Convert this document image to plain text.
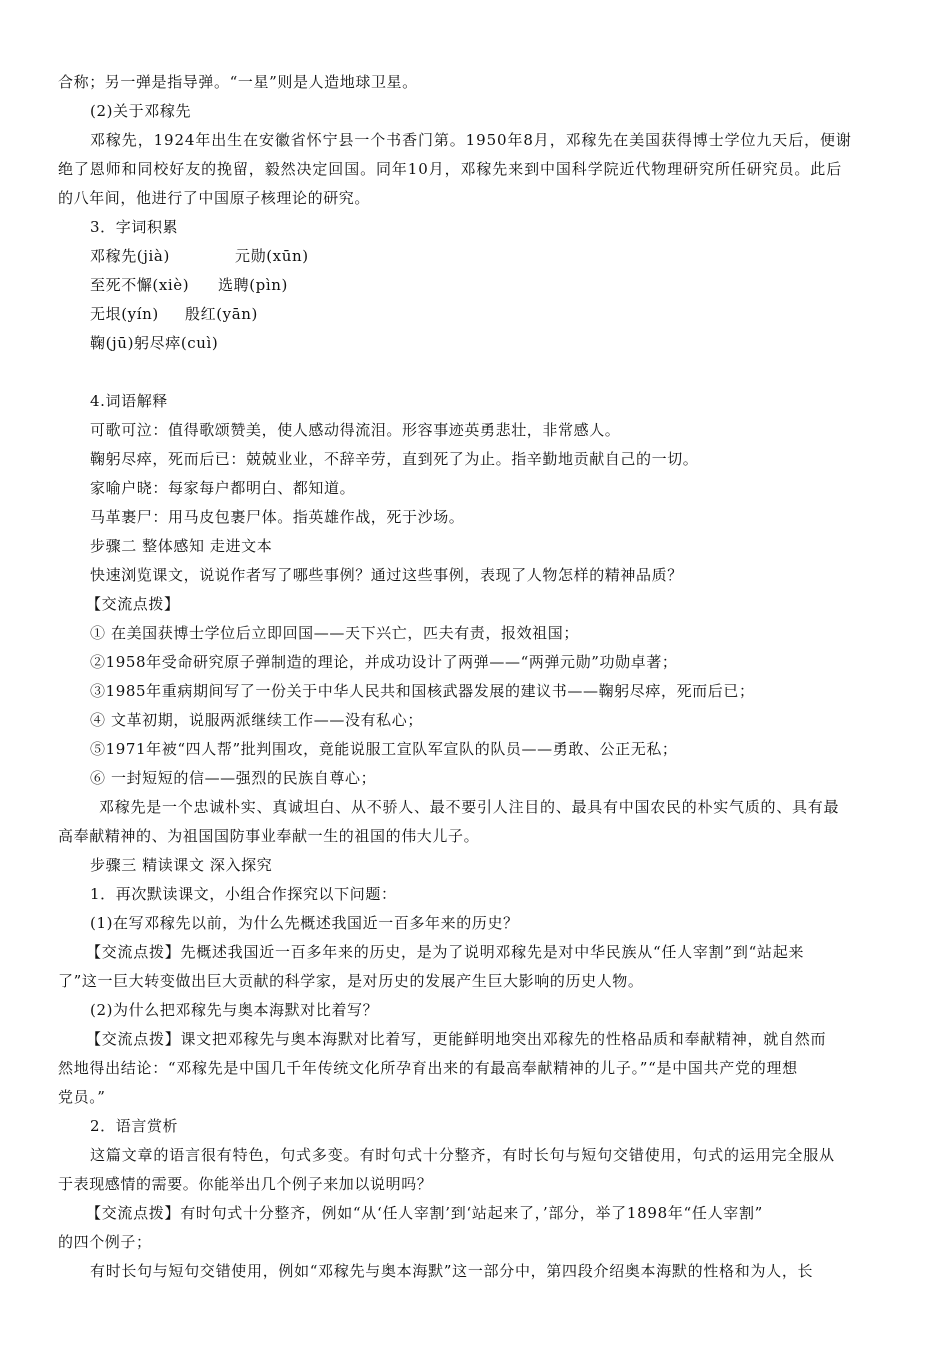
合称；另一弹是指导弹。“一星”则是人造地球卫星。
(2)关于邓稼先
邓稼先，1924年出生在安徽省怀宁县一个书香门第。1950年8月，邓稼先在美国获得博士学位九天后，便谢
绝了恩师和同校好友的挽留，毅然决定回国。同年10月，邓稼先来到中国科学院近代物理研究所任研究员。此后
的八年间，他进行了中国原子核理论的研究。
3．字词积累
邓稼先(jià)	元勋(xūn)
至死不懈(xiè) 选聘(pìn)
无垠(yín) 殷红(yān)
鞠(jū)躬尽瘁(cuì)
4.词语解释
可歌可泣：值得歌颂赞美，使人感动得流泪。形容事迹英勇悲壮，非常感人。
鞠躬尽瘁，死而后已：兢兢业业，不辞辛劳，直到死了为止。指辛勤地贡献自己的一切。
家喻户晓：每家每户都明白、都知道。
马革裹尸：用马皮包裹尸体。指英雄作战，死于沙场。
步骤二 整体感知 走进文本
快速浏览课文，说说作者写了哪些事例？通过这些事例，表现了人物怎样的精神品质？
【交流点拨】
① 在美国获博士学位后立即回国——天下兴亡，匹夫有责，报效祖国；
②1958年受命研究原子弹制造的理论，并成功设计了两弹——“两弹元勋”功勋卓著；
③1985年重病期间写了一份关于中华人民共和国核武器发展的建议书——鞠躬尽瘁，死而后已；
④ 文革初期，说服两派继续工作——没有私心；
⑤1971年被“四人帮”批判围攻，竟能说服工宣队军宣队的队员——勇敢、公正无私；
⑥ 一封短短的信——强烈的民族自尊心；
邓稼先是一个忠诚朴实、真诚坦白、从不骄人、最不要引人注目的、最具有中国农民的朴实气质的、具有最
高奉献精神的、为祖国国防事业奉献一生的祖国的伟大儿子。
步骤三 精读课文 深入探究
1．再次默读课文，小组合作探究以下问题：
(1)在写邓稼先以前，为什么先概述我国近一百多年来的历史？
【交流点拨】先概述我国近一百多年来的历史，是为了说明邓稼先是对中华民族从“任人宰割”到“站起来
了”这一巨大转变做出巨大贡献的科学家，是对历史的发展产生巨大影响的历史人物。
(2)为什么把邓稼先与奥本海默对比着写？
【交流点拨】课文把邓稼先与奥本海默对比着写，更能鲜明地突出邓稼先的性格品质和奉献精神，就自然而
然地得出结论：“邓稼先是中国几千年传统文化所孕育出来的有最高奉献精神的儿子。”“是中国共产党的理想
党员。”
2．语言赏析
这篇文章的语言很有特色，句式多变。有时句式十分整齐，有时长句与短句交错使用，句式的运用完全服从
于表现感情的需要。你能举出几个例子来加以说明吗？
【交流点拨】有时句式十分整齐，例如“从‘任人宰割’到‘站起来了，’部分，举了1898年“任人宰割”
的四个例子；
有时长句与短句交错使用，例如“邓稼先与奥本海默”这一部分中，第四段介绍奥本海默的性格和为人，长
